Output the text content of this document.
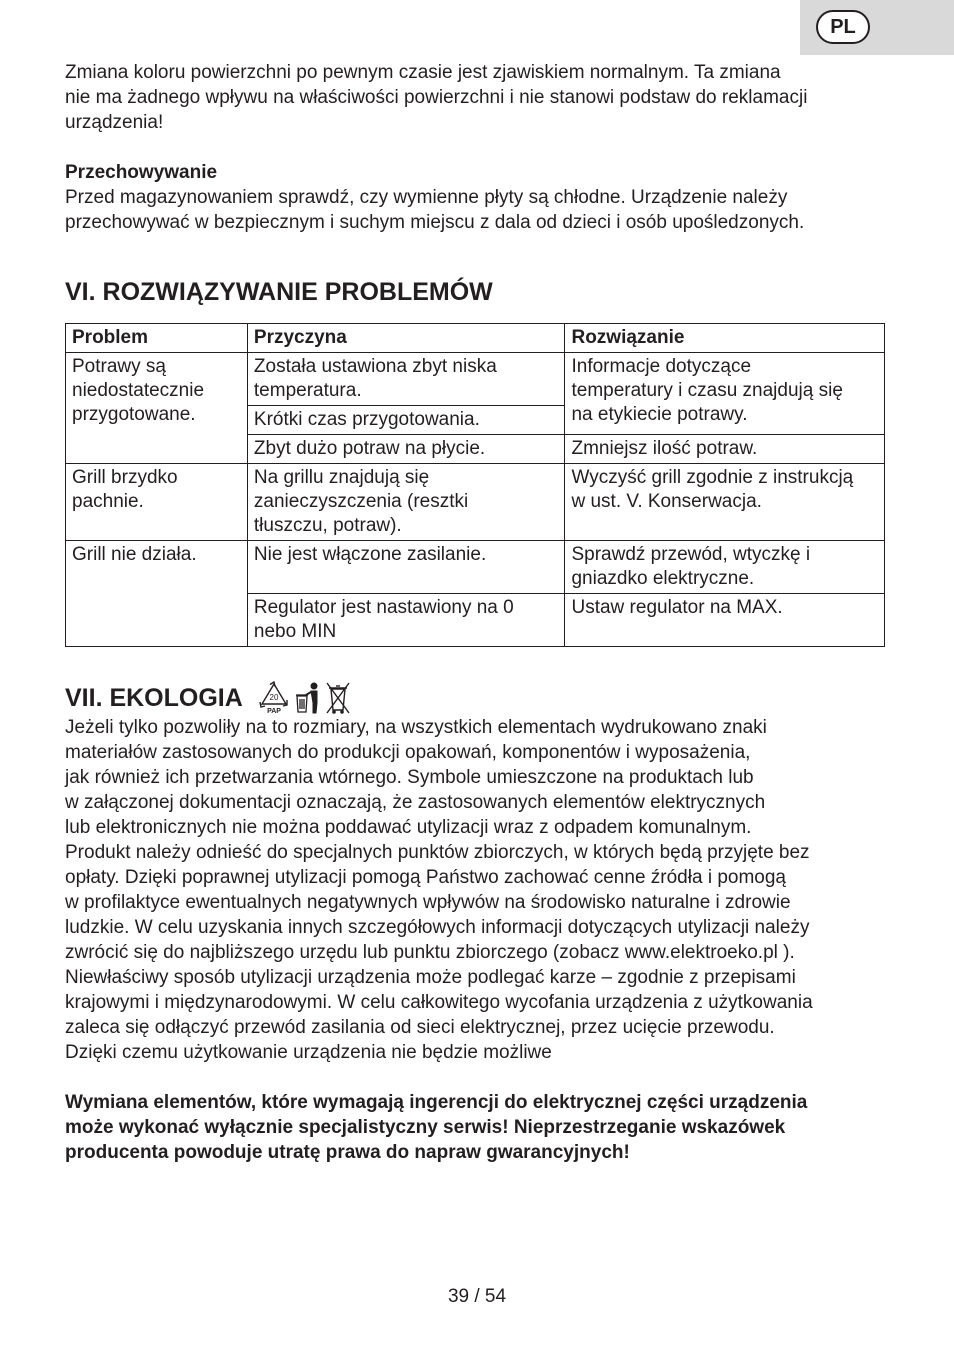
PL

Zmiana koloru powierzchni po pewnym czasie jest zjawiskiem normalnym. Ta zmiana
nie ma żadnego wpływu na właściwości powierzchni i nie stanowi podstaw do reklamacji
urządzenia!

Przechowywanie

Przed magazynowaniem sprawdź, czy wymienne płyty są chłodne. Urządzenie należy
przechowywać w bezpiecznym i suchym miejscu z dala od dzieci i osób upośledzonych.

VI. ROZWIĄZYWANIE PROBLEMÓW
Problem	Przyczyna	Rozwiązanie
Potrawy są
niedostatecznie
przygotowane.	Została ustawiona zbyt niska
temperatura.	Informacje dotyczące
temperatury i czasu znajdują się
na etykiecie potrawy.
	Krótki czas przygotowania.	
	Zbyt dużo potraw na płycie.	Zmniejsz ilość potraw.
Grill brzydko
pachnie.	Na grillu znajdują się
zanieczyszczenia (resztki
tłuszczu, potraw).	Wyczyść grill zgodnie z instrukcją
w ust. V. Konserwacja.
Grill nie działa.	Nie jest włączone zasilanie.	Sprawdź przewód, wtyczkę i
gniazdko elektryczne.
	Regulator jest nastawiony na 0
nebo MIN	Ustaw regulator na MAX.
VII. EKOLOGIA	20
PAP

Jeżeli tylko pozwoliły na to rozmiary, na wszystkich elementach wydrukowano znaki
materiałów zastosowanych do produkcji opakowań, komponentów i wyposażenia,
jak również ich przetwarzania wtórnego. Symbole umieszczone na produktach lub
w załączonej dokumentacji oznaczają, że zastosowanych elementów elektrycznych
lub elektronicznych nie można poddawać utylizacji wraz z odpadem komunalnym.
Produkt należy odnieść do specjalnych punktów zbiorczych, w których będą przyjęte bez
opłaty. Dzięki poprawnej utylizacji pomogą Państwo zachować cenne źródła i pomogą
w profilaktyce ewentualnych negatywnych wpływów na środowisko naturalne i zdrowie
ludzkie. W celu uzyskania innych szczegółowych informacji dotyczących utylizacji należy
zwrócić się do najbliższego urzędu lub punktu zbiorczego (zobacz www.elektroeko.pl ).
Niewłaściwy sposób utylizacji urządzenia może podlegać karze – zgodnie z przepisami
krajowymi i międzynarodowymi. W celu całkowitego wycofania urządzenia z użytkowania
zaleca się odłączyć przewód zasilania od sieci elektrycznej, przez ucięcie przewodu.
Dzięki czemu użytkowanie urządzenia nie będzie możliwe

Wymiana elementów, które wymagają ingerencji do elektrycznej części urządzenia
może wykonać wyłącznie specjalistyczny serwis! Nieprzestrzeganie wskazówek
producenta powoduje utratę prawa do napraw gwarancyjnych!

39 / 54
